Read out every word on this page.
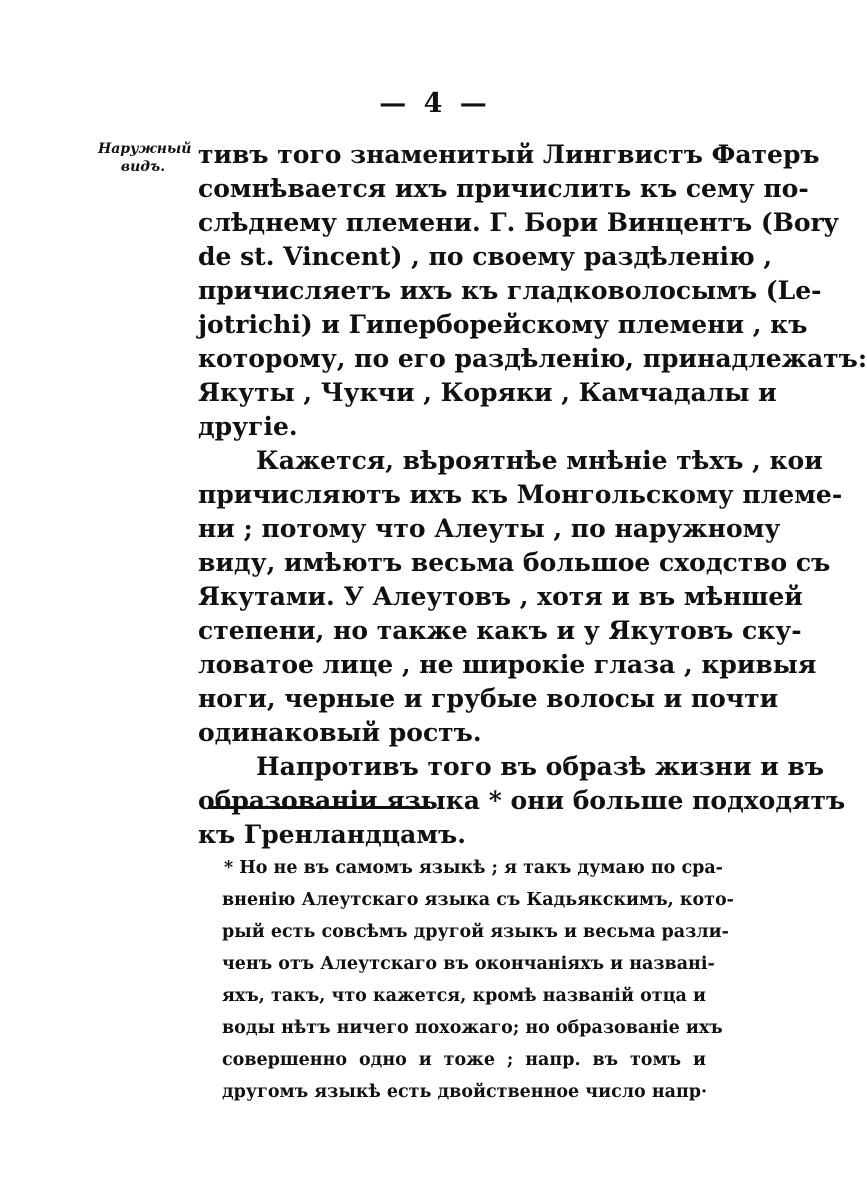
— 4 —
Наружный
видъ.	тивъ того знаменитый Лингвистъ Фатеръ
сомнѣвается ихъ причислить къ сему по-
слѣднему племени. Г. Бори Винцентъ (Bory
de st. Vincent) , по своему раздѣленію ,
причисляетъ ихъ къ гладковолосымъ (Le-
jotrichi) и Гиперборейскому племени , къ
которому, по его раздѣленію, принадлежатъ:
Якуты , Чукчи , Коряки , Камчадалы и
другіе.
Кажется, вѣроятнѣе мнѣніе тѣхъ , кои
причисляютъ ихъ къ Монгольскому племе-
ни ; потому что Алеуты , по наружному
виду, имѣютъ весьма большое сходство съ
Якутами. У Алеутовъ , хотя и въ мѣншей
степени, но также какъ и у Якутовъ ску-
ловатое лице , не широкіе глаза , кривыя
ноги, черные и грубые волосы и почти
одинаковый ростъ.
Напротивъ того въ образѣ жизни и въ
образованіи языка * они больше подходятъ
къ Гренландцамъ.
* Но не въ самомъ языкѣ ; я такъ думаю по сра-
вненію Алеутскаго языка съ Кадьякскимъ, кото-
рый есть совсѣмъ другой языкъ и весьма разли-
ченъ отъ Алеутскаго въ окончаніяхъ и названі-
яхъ, такъ, что кажется, кромѣ названій отца и
воды нѣтъ ничего похожаго; но образованіе ихъ
совершенно одно и тоже ; напр. въ томъ и
другомъ языкѣ есть двойственное число напр·
